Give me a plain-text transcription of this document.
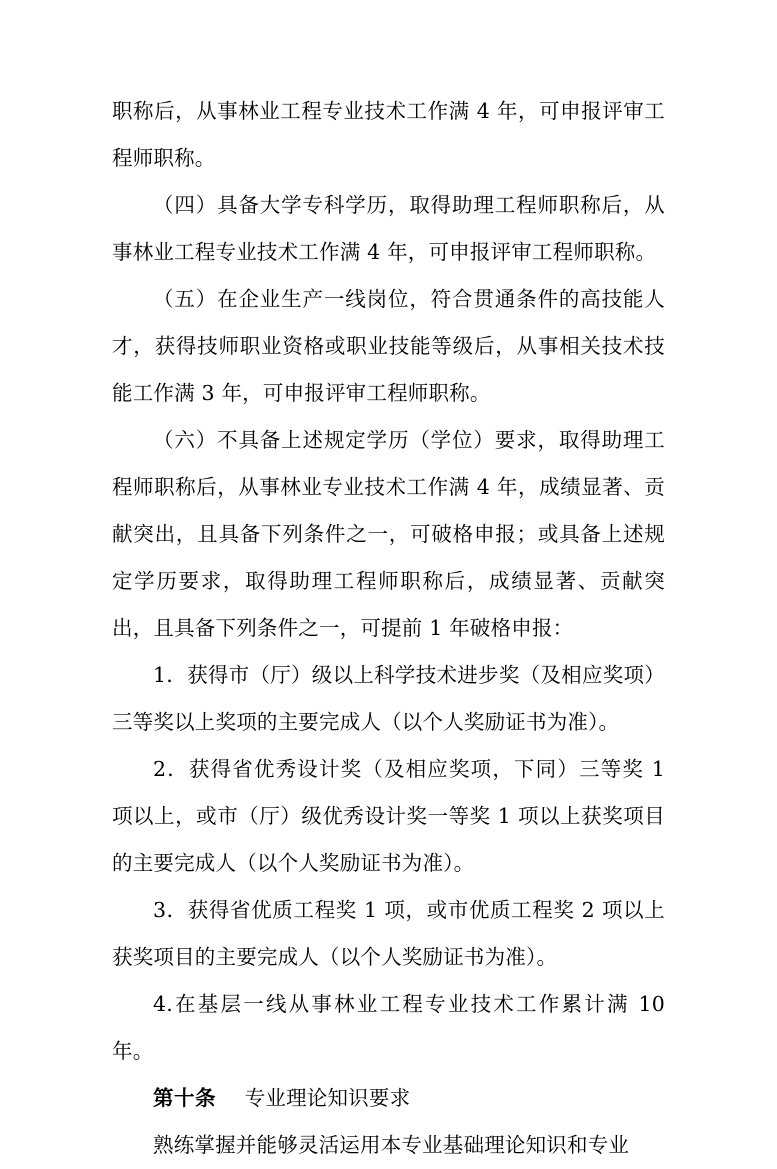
职称后，从事林业工程专业技术工作满 4 年，可申报评审工程师职称。

（四）具备大学专科学历，取得助理工程师职称后，从事林业工程专业技术工作满 4 年，可申报评审工程师职称。

（五）在企业生产一线岗位，符合贯通条件的高技能人才，获得技师职业资格或职业技能等级后，从事相关技术技能工作满 3 年，可申报评审工程师职称。

（六）不具备上述规定学历（学位）要求，取得助理工程师职称后，从事林业专业技术工作满 4 年，成绩显著、贡献突出，且具备下列条件之一，可破格申报；或具备上述规定学历要求，取得助理工程师职称后，成绩显著、贡献突出，且具备下列条件之一，可提前 1 年破格申报：

1．获得市（厅）级以上科学技术进步奖（及相应奖项）三等奖以上奖项的主要完成人（以个人奖励证书为准）。

2．获得省优秀设计奖（及相应奖项，下同）三等奖 1 项以上，或市（厅）级优秀设计奖一等奖 1 项以上获奖项目的主要完成人（以个人奖励证书为准）。

3．获得省优质工程奖 1 项，或市优质工程奖 2 项以上获奖项目的主要完成人（以个人奖励证书为准）。

4.在基层一线从事林业工程专业技术工作累计满 10 年。

第十条 专业理论知识要求

熟练掌握并能够灵活运用本专业基础理论知识和专业
